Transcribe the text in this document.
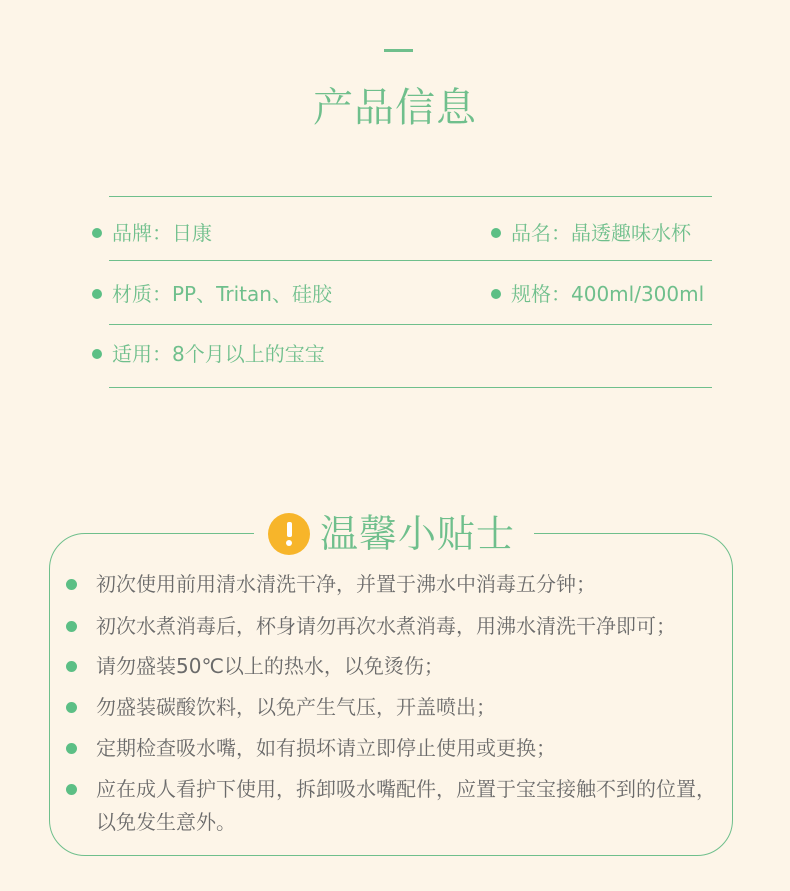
产品信息
品牌：日康	品名：晶透趣味水杯
材质：PP、Tritan、硅胶	规格：400ml/300ml
适用：8个月以上的宝宝
温馨小贴士
初次使用前用清水清洗干净，并置于沸水中消毒五分钟；
初次水煮消毒后，杯身请勿再次水煮消毒，用沸水清洗干净即可；
请勿盛装50℃以上的热水，以免烫伤；
勿盛装碳酸饮料，以免产生气压，开盖喷出；
定期检查吸水嘴，如有损坏请立即停止使用或更换；
应在成人看护下使用，拆卸吸水嘴配件，应置于宝宝接触不到的位置，以免发生意外。
